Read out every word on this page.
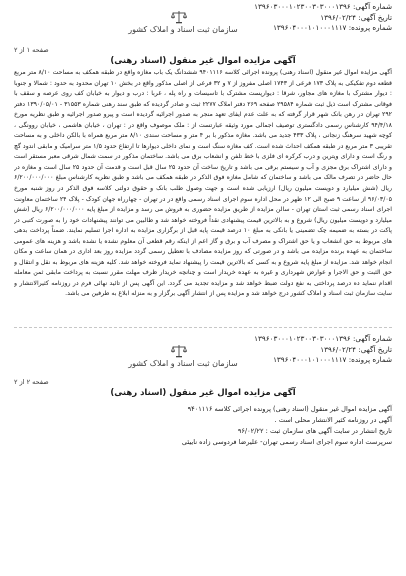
شماره آگهی: ۱۳۹۶۰۳۰۰۰۱۰۲۳۰۰۳۰۳۰۰۰۱۳۹۶
تاریخ آگهی: ۱۳۹۶/۰۲/۲۴
شماره پرونده: ۱۳۹۶۰۴۰۰۰۱۰۱۰۰۰۱۱۱۷
سازمان ثبت اسناد و املاک کشور
صفحه ۱ از ۲
آگهی مزایده اموال غیر منقول (اسناد رهنی)
آگهی مزایده اموال غیر منقول (اسناد رهنی) پرونده اجرائی کلاسه ۹۴۰۱۱۱۶ ششدانگ یک باب مغازه واقع در طبقه همکف به مساحت ۸/۱۰ متر مربع قطعه دوم تفکیکی به پلاک ۱۷۳ فرعی از ۱۷۴۳ اصلی مفروز از ۷ و ۳۲ فرعی از اصلی مذکور واقع در بخش ۱۰ تهران محدود به حدود : شمالا و جنوبا : دیوار مشترک با مغازه های مجاور، شرقا : دیوارپست مشترک با تاسیسات و راه پله ، غربا : درب و دیوار به خیابان کف روی عرصه و سقف با فوقانی مشترک است ذیل ثبت شماره ۲۹۵۸۴ صفحه ۲۶۹ دفتر املاک ۲۲۷۷ ثبت و صادر گردیده که طبق سند رهنی شماره ۳۱۵۵۳ - ۱۳۹۰/۰۵/۰۱ دفتر ۲۹۲ تهران در رهن بانک شهر قرار گرفته که به علت عدم ایفای تعهد منجر به صدور اجرائیه گردیده است و پیرو صدور اجرائیه و طبق نظریه مورخ ۹۴/۴/۱۸ کارشناس رسمی دادگستری توصیف اجمالی مورد وثیقه عبارتست از : ملک موصوف واقع در : تهران ، خیابان هاشمی ، خیابان روونگی ، کوچه شهید سرهنگ زنجانی ، پلاک ۴۳۳ جدید می باشد. مغازه مذکور با بر ۴ متر و مساحت سندی ۸/۱۰ متر مربع همراه با بالکن داخلی و به مساحت تقریبی ۳ متر مربع در طبقه همکف احداث شده است. کف مغازه سنگ است و نمای داخلی دیوارها تا ارتفاع حدود ۱/۵ متر سرامیک و مابقی اندود گچ و رنگ است و دارای ویترین و درب کرکره ای فلزی با خط تلفن و انشعاب برق می باشد. ساختمان مذکور در سمت شمال شرقی معبر مستقر است و دارای اشتراک برق مجزی و آب و سیستم برقی می باشد و تاریخ ساخت آن حدود ۲۵ سال قبل است و قدمت آن حدود ۲۵ سال است و مغازه در حال حاضر در تصرف مالک می باشد و ساختمان که شامل مغازه فوق الذکر در طبقه همکف می باشد و طبق نظریه کارشناس مبلغ ۶/۲۰۰/۰۰۰/۰۰۰ ریال (شش میلیارد و دویست میلیون ریال) ارزیابی شده است و جهت وصول طلب بانک و حقوق دولتی کلاسه فوق الذکر در روز شنبه مورخ ۹۶/۰۳/۰۵ از ساعت ۹ صبح الی ۱۲ ظهر در محل اداره سوم اجرای اسناد رسمی واقع در در تهران - چهارراه جهان کودک - پلاک ۲۴ ساختمان معاونت اجرای اسناد رسمی ثبت استان تهران - سالن مزایده از طریق مزایده حضوری به فروش می رسد و مزایده از مبلغ پایه ۶/۲۰۰/۰۰۰/۰۰۰ ریال (شش میلیارد و دویست میلیون ریال) شروع و به بالاترین قیمت پیشنهادی نقداً فروخته خواهد شد و طالبین می توانند پیشنهادات خود را به صورت کتبی در پاکت در بسته به ضمیمه چک تضمینی یا بانکی به مبلغ ۱۰ درصد قیمت پایه قبل از برگزاری مزایده به اداره اجرا تسلیم نمایند. ضمناً پرداخت بدهی های مربوط به حق انشعاب و یا حق اشتراک و مصرف آب و برق و گاز اعم از اینکه رقم قطعی آن معلوم نشده یا نشده باشد و هزینه های عمومی ساختمان به عهده برنده مزایده می باشد و در صورتی که روز مزایده مصادف با تعطیل رسمی گردد مزایده روز بعد اداری در همان ساعت و مکان انجام خواهد شد. مزایده از مبلغ پایه شروع و به کسی که بالاترین قیمت را پیشنهاد نماید فروخته خواهد شد. کلیه هزینه های مربوط به نقل و انتقال و حق الثبت و حق الاجرا و عوارض شهرداری و غیره به عهده خریدار است و چنانچه خریدار ظرف مهلت مقرر نسبت به پرداخت مابقی ثمن معامله اقدام ننماید ده درصد پرداختی به نفع دولت ضبط خواهد شد و مزایده تجدید می گردد. این آگهی پس از تائید نهائی فرم در روزنامه کثیرالانتشار و سایت سازمان ثبت اسناد و املاک کشور درج خواهد شد و مزایده پس از انتشار آگهی برگزار و به منزله ابلاغ به طرفین می باشد.
شماره آگهی: ۱۳۹۶۰۳۰۰۰۱۰۲۳۰۰۳۰۳۰۰۰۱۳۹۶
تاریخ آگهی: ۱۳۹۶/۰۲/۲۴
شماره پرونده: ۱۳۹۶۰۴۰۰۰۱۰۱۰۰۰۱۱۱۷
سازمان ثبت اسناد و املاک کشور
صفحه ۲ از ۲
آگهی مزایده اموال غیر منقول (اسناد رهنی)
آگهی مزایده اموال غیر منقول (اسناد رهنی) پرونده اجرائی کلاسه ۹۴۰۱۱۱۶
آگهی در روزنامه کثیر الانتشار محلی است .
تاریخ انتشار در سایت آگهی های سازمان ثبت : ۹۶/۰۲/۲۲
سرپرست اداره سوم اجرای اسناد رسمی تهران- علیرضا فردوسی زاده ناییئی
